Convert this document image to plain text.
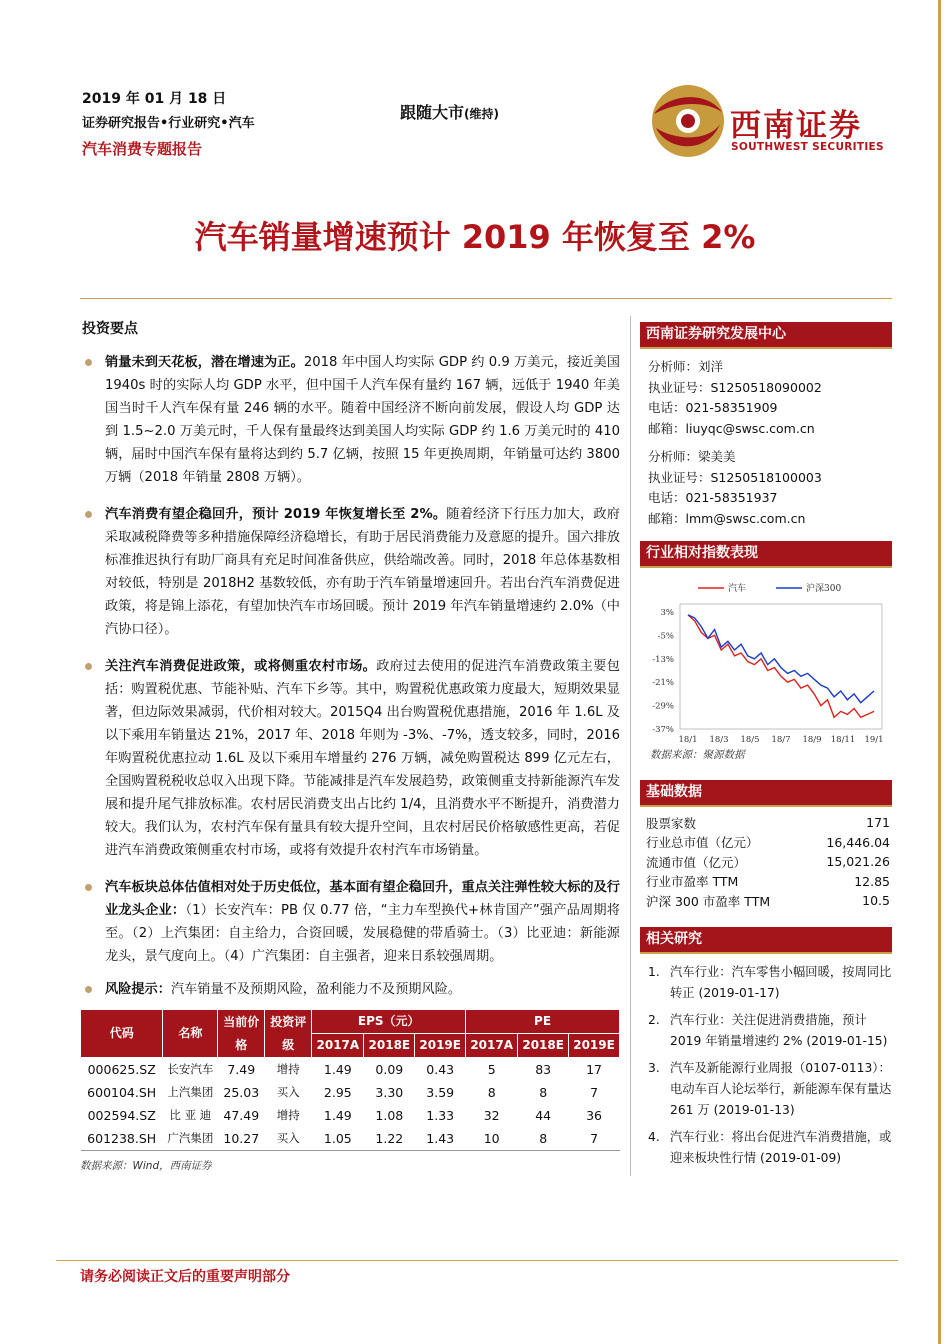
2019 年 01 月 18 日
证券研究报告•行业研究•汽车
汽车消费专题报告
跟随大市(维持)	西南证券
SOUTHWEST SECURITIES
汽车销量增速预计 2019 年恢复至 2%
投资要点
销量未到天花板，潜在增速为正。2018 年中国人均实际 GDP 约 0.9 万美元，接近美国 1940s 时的实际人均 GDP 水平，但中国千人汽车保有量约 167 辆，远低于 1940 年美国当时千人汽车保有量 246 辆的水平。随着中国经济不断向前发展，假设人均 GDP 达到 1.5~2.0 万美元时，千人保有量最终达到美国人均实际 GDP 约 1.6 万美元时的 410 辆，届时中国汽车保有量将达到约 5.7 亿辆，按照 15 年更换周期，年销量可达约 3800 万辆（2018 年销量 2808 万辆）。
汽车消费有望企稳回升，预计 2019 年恢复增长至 2%。随着经济下行压力加大，政府采取减税降费等多种措施保障经济稳增长，有助于居民消费能力及意愿的提升。国六排放标准推迟执行有助厂商具有充足时间准备供应，供给端改善。同时，2018 年总体基数相对较低，特别是 2018H2 基数较低，亦有助于汽车销量增速回升。若出台汽车消费促进政策，将是锦上添花，有望加快汽车市场回暖。预计 2019 年汽车销量增速约 2.0%（中汽协口径）。
关注汽车消费促进政策，或将侧重农村市场。政府过去使用的促进汽车消费政策主要包括：购置税优惠、节能补贴、汽车下乡等。其中，购置税优惠政策力度最大，短期效果显著，但边际效果减弱，代价相对较大。2015Q4 出台购置税优惠措施，2016 年 1.6L 及以下乘用车销量达 21%，2017 年、2018 年则为 -3%、-7%，透支较多，同时，2016 年购置税优惠拉动 1.6L 及以下乘用车增量约 276 万辆，减免购置税达 899 亿元左右，全国购置税税收总収入出现下降。节能减排是汽车发展趋势，政策侧重支持新能源汽车发展和提升尾气排放标准。农村居民消费支出占比约 1/4，且消费水平不断提升，消费潜力较大。我们认为，农村汽车保有量具有较大提升空间，且农村居民价格敏感性更高，若促进汽车消费政策侧重农村市场，或将有效提升农村汽车市场销量。
汽车板块总体估值相对处于历史低位，基本面有望企稳回升，重点关注弹性较大标的及行业龙头企业：（1）长安汽车：PB 仅 0.77 倍，“主力车型换代+林肯国产”强产品周期将至。（2）上汽集团：自主给力，合资回暖，发展稳健的带盾骑士。（3）比亚迪：新能源龙头，景气度向上。（4）广汽集团：自主强者，迎来日系较强周期。
风险提示：汽车销量不及预期风险，盈利能力不及预期风险。
代码	名称	当前价格	投资评级	EPS（元）			PE		
				2017A	2018E	2019E	2017A	2018E	2019E
000625.SZ	长安汽车	7.49	增持	1.49	0.09	0.43	5	83	17
600104.SH	上汽集团	25.03	买入	2.95	3.30	3.59	8	8	7
002594.SZ	比 亚 迪	47.49	增持	1.49	1.08	1.33	32	44	36
601238.SH	广汽集团	10.27	买入	1.05	1.22	1.43	10	8	7
数据来源：Wind，西南证券
西南证券研究发展中心
分析师：刘洋
执业证号：S1250518090002
电话：021-58351909
邮箱：liuyqc@swsc.com.cn
分析师：梁美美
执业证号：S1250518100003
电话：021-58351937
邮箱：lmm@swsc.com.cn
行业相对指数表现
3%
-5%
-13%
-21%
-29%
-37%
18/1 18/3 18/5 18/7 18/9 18/11 19/1
汽车	沪深300
数据来源：聚源数据
基础数据
股票家数	171
行业总市值（亿元）	16,446.04
流通市值（亿元）	15,021.26
行业市盈率 TTM	12.85
沪深 300 市盈率 TTM	10.5
相关研究
1. 汽车行业：汽车零售小幅回暖，按周同比转正 (2019-01-17)
2. 汽车行业：关注促进消费措施，预计 2019 年销量增速约 2% (2019-01-15)
3. 汽车及新能源行业周报（0107-0113）：电动车百人论坛举行，新能源车保有量达 261 万 (2019-01-13)
4. 汽车行业：将出台促进汽车消费措施，或迎来板块性行情 (2019-01-09)
请务必阅读正文后的重要声明部分
